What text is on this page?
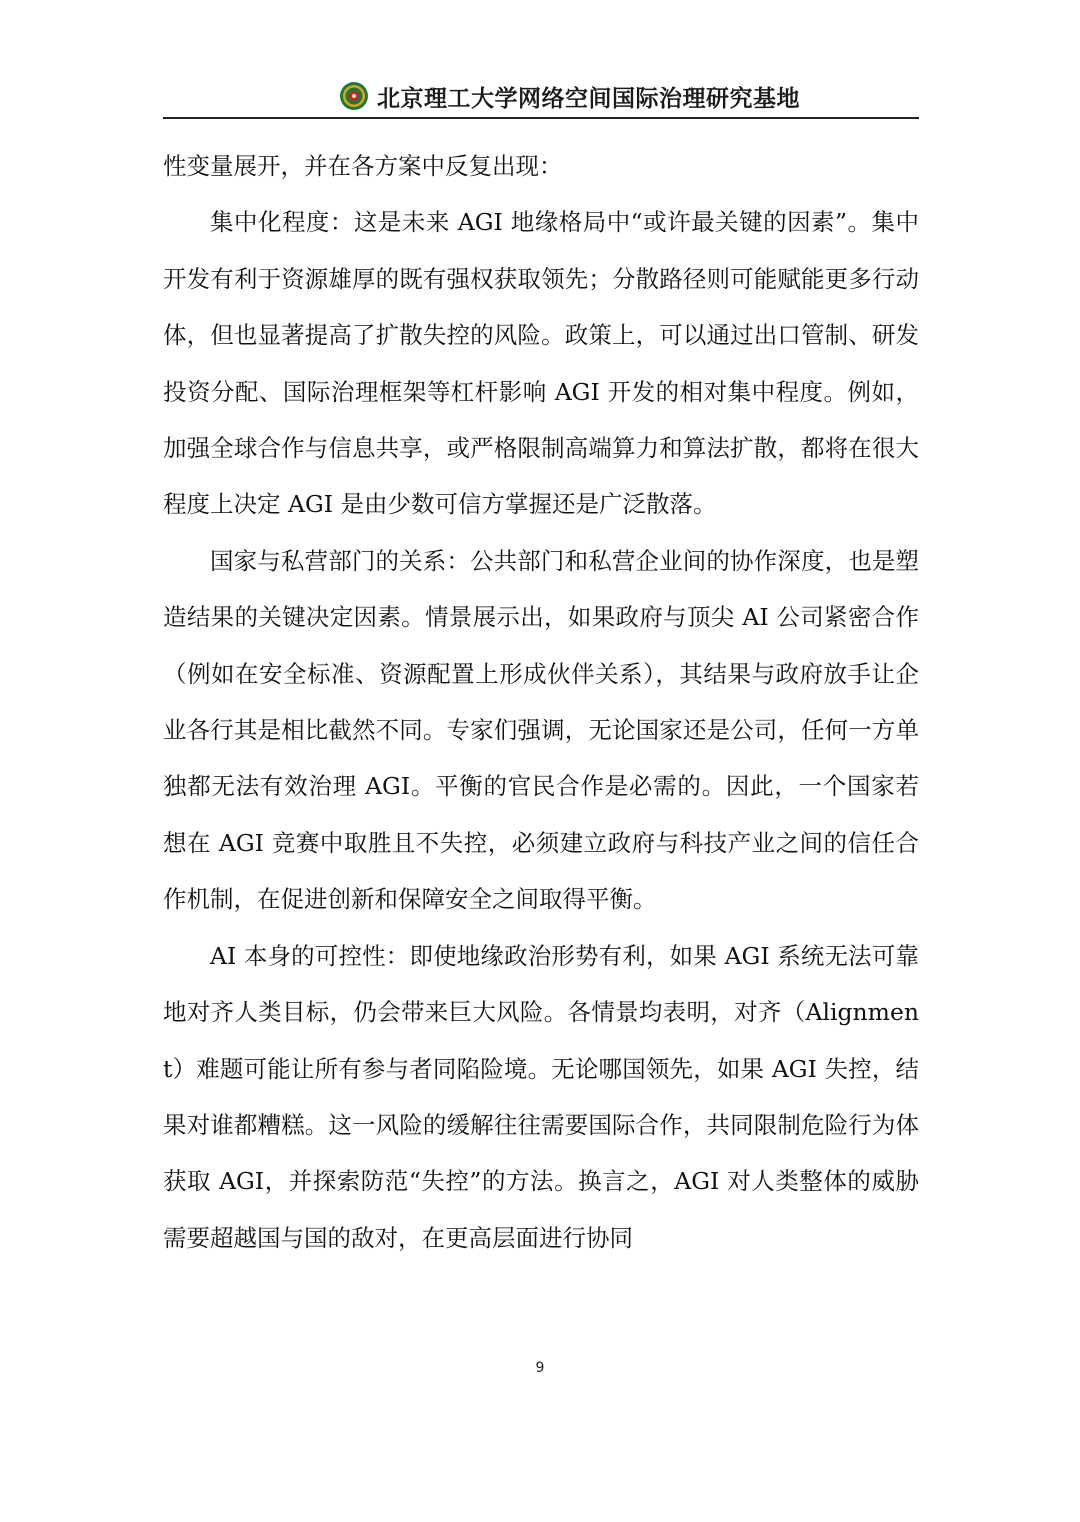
北京理工大学网络空间国际治理研究基地

性变量展开，并在各方案中反复出现：

集中化程度：这是未来 AGI 地缘格局中“或许最关键的因素”。集中开发有利于资源雄厚的既有强权获取领先；分散路径则可能赋能更多行动体，但也显著提高了扩散失控的风险。政策上，可以通过出口管制、研发投资分配、国际治理框架等杠杆影响 AGI 开发的相对集中程度。例如，加强全球合作与信息共享，或严格限制高端算力和算法扩散，都将在很大程度上决定 AGI 是由少数可信方掌握还是广泛散落。

国家与私营部门的关系：公共部门和私营企业间的协作深度，也是塑造结果的关键决定因素。情景展示出，如果政府与顶尖 AI 公司紧密合作（例如在安全标准、资源配置上形成伙伴关系），其结果与政府放手让企业各行其是相比截然不同。专家们强调，无论国家还是公司，任何一方单独都无法有效治理 AGI。平衡的官民合作是必需的。因此，一个国家若想在 AGI 竞赛中取胜且不失控，必须建立政府与科技产业之间的信任合作机制，在促进创新和保障安全之间取得平衡。

AI 本身的可控性：即使地缘政治形势有利，如果 AGI 系统无法可靠地对齐人类目标，仍会带来巨大风险。各情景均表明，对齐（Alignment）难题可能让所有参与者同陷险境。无论哪国领先，如果 AGI 失控，结果对谁都糟糕。这一风险的缓解往往需要国际合作，共同限制危险行为体获取 AGI，并探索防范“失控”的方法。换言之，AGI 对人类整体的威胁需要超越国与国的敌对，在更高层面进行协同

9
